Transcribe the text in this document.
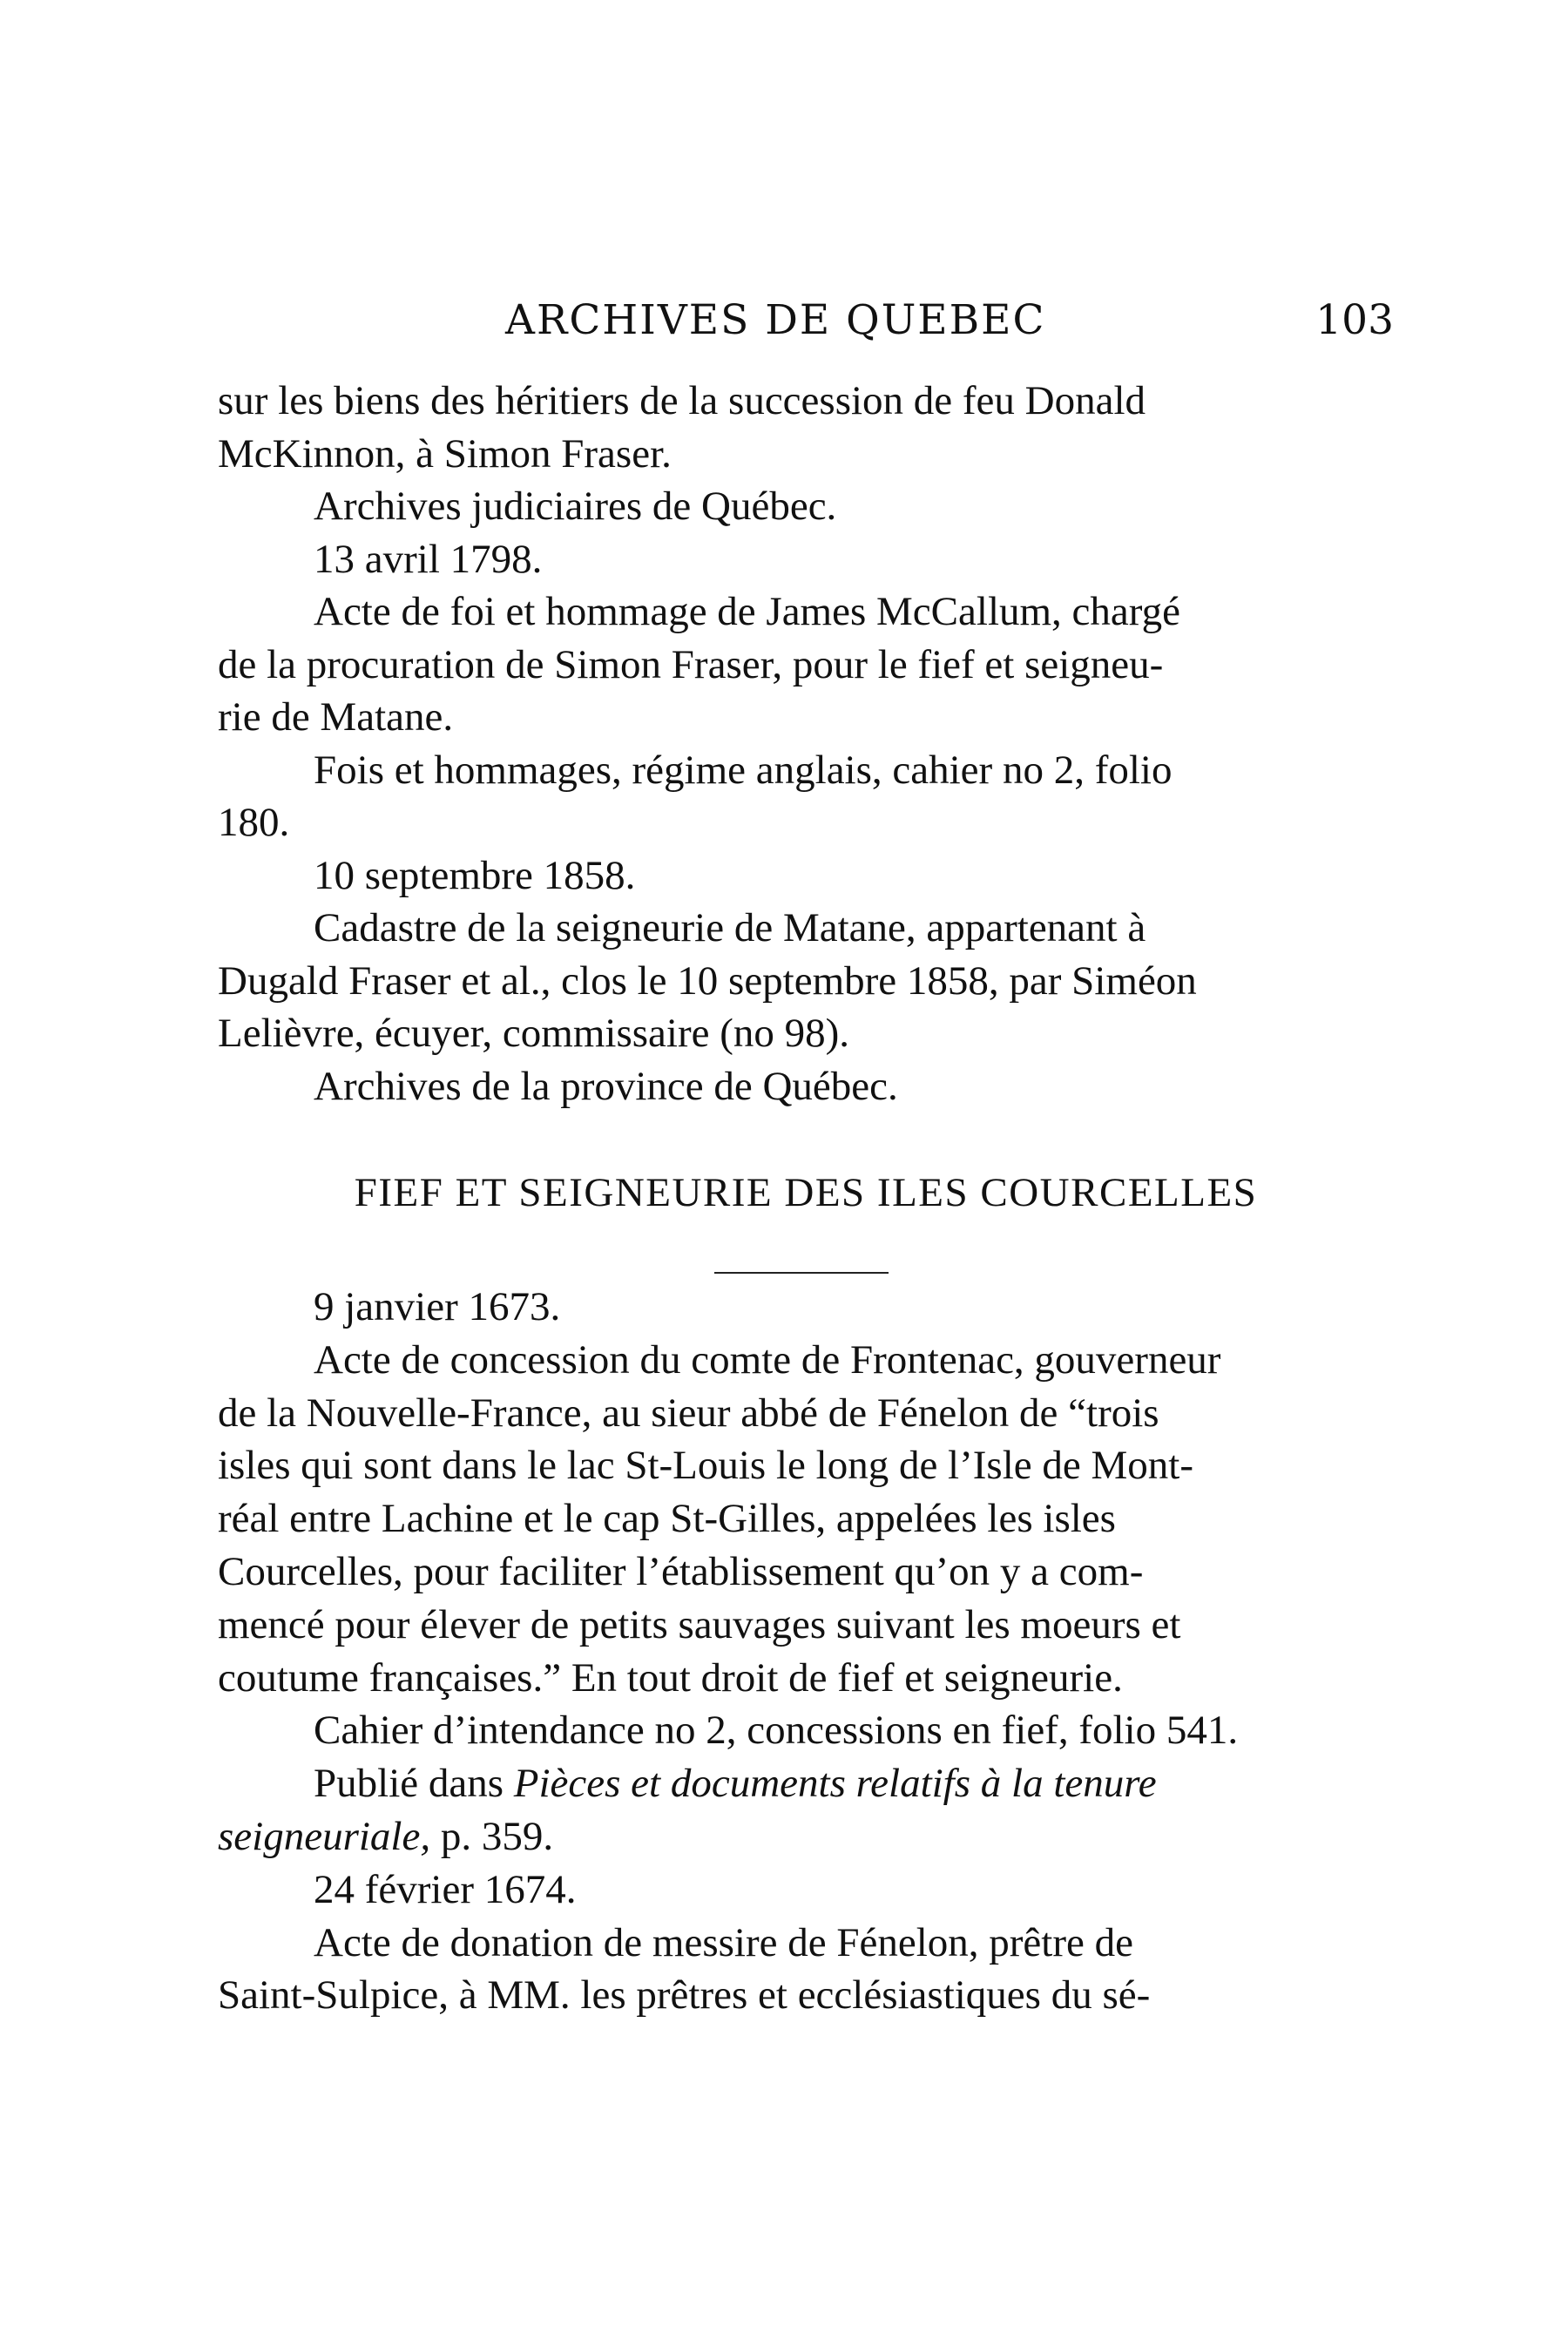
ARCHIVES DE QUEBEC	103
sur les biens des héritiers de la succession de feu Donald
McKinnon, à Simon Fraser.
Archives judiciaires de Québec.
13 avril 1798.
Acte de foi et hommage de James McCallum, chargé
de la procuration de Simon Fraser, pour le fief et seigneu-
rie de Matane.
Fois et hommages, régime anglais, cahier no 2, folio
180.
10 septembre 1858.
Cadastre de la seigneurie de Matane, appartenant à
Dugald Fraser et al., clos le 10 septembre 1858, par Siméon
Lelièvre, écuyer, commissaire (no 98).
Archives de la province de Québec.
FIEF ET SEIGNEURIE DES ILES COURCELLES
9 janvier 1673.
Acte de concession du comte de Frontenac, gouverneur
de la Nouvelle-France, au sieur abbé de Fénelon de “trois
isles qui sont dans le lac St-Louis le long de l’Isle de Mont-
réal entre Lachine et le cap St-Gilles, appelées les isles
Courcelles, pour faciliter l’établissement qu’on y a com-
mencé pour élever de petits sauvages suivant les moeurs et
coutume françaises.” En tout droit de fief et seigneurie.
Cahier d’intendance no 2, concessions en fief, folio 541.
Publié dans Pièces et documents relatifs à la tenure
seigneuriale, p. 359.
24 février 1674.
Acte de donation de messire de Fénelon, prêtre de
Saint-Sulpice, à MM. les prêtres et ecclésiastiques du sé-
